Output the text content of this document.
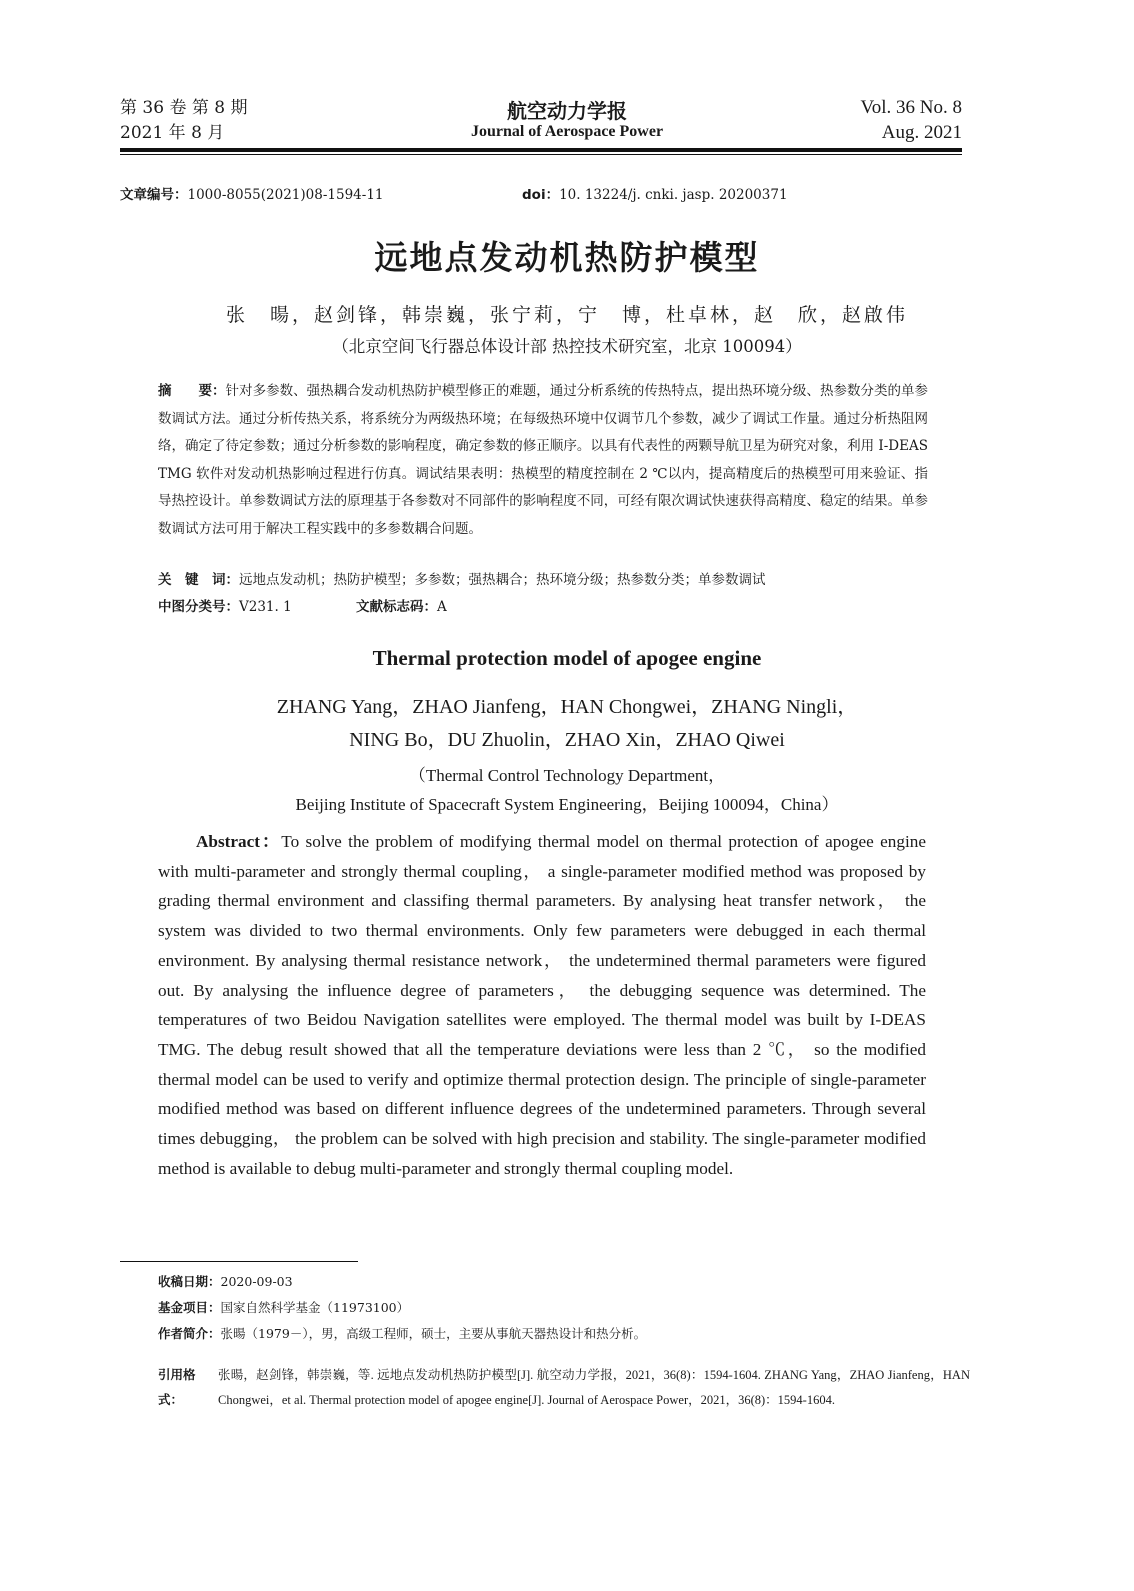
第 36 卷 第 8 期
2021 年 8 月
航空动力学报
Journal of Aerospace Power
Vol. 36 No. 8
Aug. 2021
文章编号：1000-8055(2021)08-1594-11	doi：10. 13224/j. cnki. jasp. 20200371
远地点发动机热防护模型
张　暘，赵剑锋，韩崇巍，张宁莉，宁　博，杜卓林，赵　欣，赵啟伟
（北京空间飞行器总体设计部 热控技术研究室，北京 100094）
摘　　要：针对多参数、强热耦合发动机热防护模型修正的难题，通过分析系统的传热特点，提出热环境分级、热参数分类的单参数调试方法。通过分析传热关系，将系统分为两级热环境；在每级热环境中仅调节几个参数，减少了调试工作量。通过分析热阻网络，确定了待定参数；通过分析参数的影响程度，确定参数的修正顺序。以具有代表性的两颗导航卫星为研究对象，利用 I-DEAS TMG 软件对发动机热影响过程进行仿真。调试结果表明：热模型的精度控制在 2 ℃以内，提高精度后的热模型可用来验证、指导热控设计。单参数调试方法的原理基于各参数对不同部件的影响程度不同，可经有限次调试快速获得高精度、稳定的结果。单参数调试方法可用于解决工程实践中的多参数耦合问题。
关　键　词：远地点发动机；热防护模型；多参数；强热耦合；热环境分级；热参数分类；单参数调试
中图分类号：V231. 1	文献标志码：A
Thermal protection model of apogee engine
ZHANG Yang，ZHAO Jianfeng，HAN Chongwei，ZHANG Ningli，
NING Bo，DU Zhuolin，ZHAO Xin，ZHAO Qiwei
（Thermal Control Technology Department，
Beijing Institute of Spacecraft System Engineering，Beijing 100094，China）
Abstract：To solve the problem of modifying thermal model on thermal protection of apogee engine with multi-parameter and strongly thermal coupling， a single-parameter modified method was proposed by grading thermal environment and classifing thermal parameters. By analysing heat transfer network， the system was divided to two thermal environments. Only few parameters were debugged in each thermal environment. By analysing thermal resistance network， the undetermined thermal parameters were figured out. By analysing the influence degree of parameters， the debugging sequence was determined. The temperatures of two Beidou Navigation satellites were employed. The thermal model was built by I-DEAS TMG. The debug result showed that all the temperature deviations were less than 2 ℃， so the modified thermal model can be used to verify and optimize thermal protection design. The principle of single-parameter modified method was based on different influence degrees of the undetermined parameters. Through several times debugging， the problem can be solved with high precision and stability. The single-parameter modified method is available to debug multi-parameter and strongly thermal coupling model.
收稿日期：2020-09-03
基金项目：国家自然科学基金（11973100）
作者简介：张暘（1979－），男，高级工程师，硕士，主要从事航天器热设计和热分析。
引用格式：
张暘，赵剑锋，韩崇巍，等. 远地点发动机热防护模型[J]. 航空动力学报，2021，36(8)：1594-1604. ZHANG Yang，ZHAO Jianfeng，HAN Chongwei，et al. Thermal protection model of apogee engine[J]. Journal of Aerospace Power，2021，36(8)：1594-1604.
